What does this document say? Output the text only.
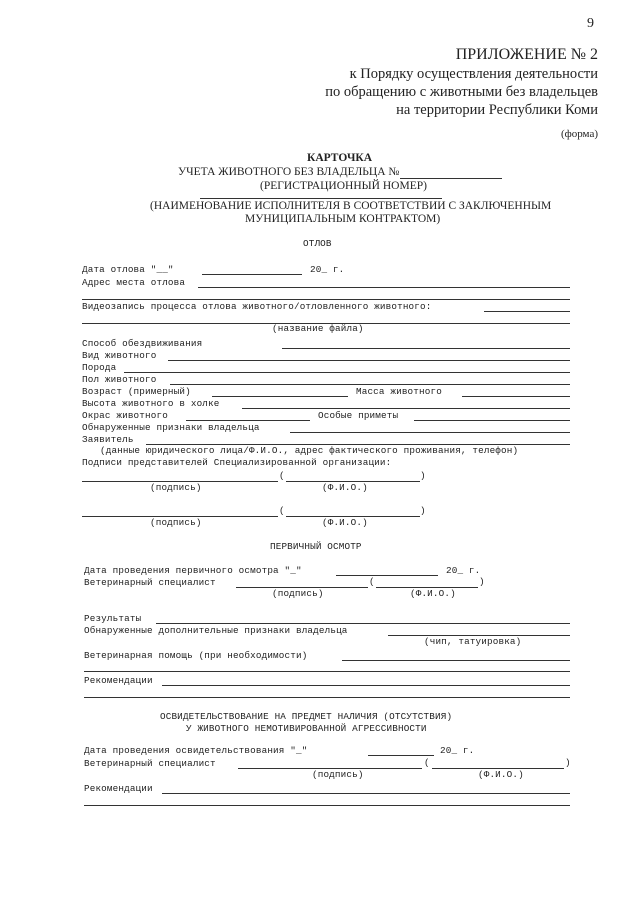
9
ПРИЛОЖЕНИЕ № 2
к Порядку осуществления деятельности
по обращению с животными без владельцев
на территории Республики Коми
(форма)
КАРТОЧКА
УЧЕТА ЖИВОТНОГО БЕЗ ВЛАДЕЛЬЦА №
(РЕГИСТРАЦИОННЫЙ НОМЕР)
(НАИМЕНОВАНИЕ ИСПОЛНИТЕЛЯ В СООТВЕТСТВИИ С ЗАКЛЮЧЕННЫМ
МУНИЦИПАЛЬНЫМ КОНТРАКТОМ)
ОТЛОВ
Дата отлова "__"	20_ г.
Адрес места отлова
Видеозапись процесса отлова животного/отловленного животного:
(название файла)
Способ обездвиживания
Вид животного
Порода
Пол животного
Возраст (примерный)	Масса животного
Высота животного в холке
Окрас животного	Особые приметы
Обнаруженные признаки владельца
Заявитель
(данные юридического лица/Ф.И.О., адрес фактического проживания, телефон)
Подписи представителей Специализированной организации:
(	)
(подпись)	(Ф.И.О.)
(	)
(подпись)	(Ф.И.О.)
ПЕРВИЧНЫЙ ОСМОТР
Дата проведения первичного осмотра "_"	20_ г.
Ветеринарный специалист	(	)
(подпись)	(Ф.И.О.)
Результаты
Обнаруженные дополнительные признаки владельца
(чип, татуировка)
Ветеринарная помощь (при необходимости)
Рекомендации
ОСВИДЕТЕЛЬСТВОВАНИЕ НА ПРЕДМЕТ НАЛИЧИЯ (ОТСУТСТВИЯ)
У ЖИВОТНОГО НЕМОТИВИРОВАННОЙ АГРЕССИВНОСТИ
Дата проведения освидетельствования "_"	20_ г.
Ветеринарный специалист	(	)
(подпись)	(Ф.И.О.)
Рекомендации
